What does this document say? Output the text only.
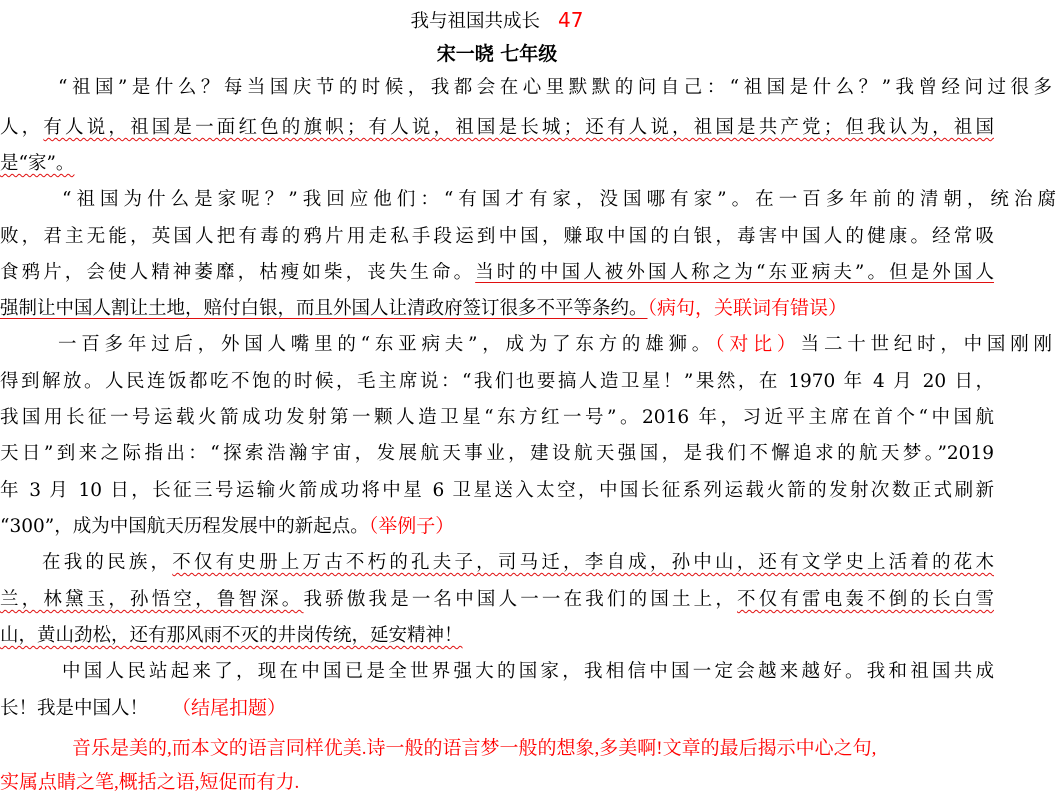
我与祖国共成长 47
宋一晓 七年级
“祖国”是什么？每当国庆节的时候，我都会在心里默默的问自己：“祖国是什么？”我曾经问过很多
人，有人说，祖国是一面红色的旗帜；有人说，祖国是长城；还有人说，祖国是共产党；但我认为，祖国
是“家”。
“祖国为什么是家呢？”我回应他们：“有国才有家，没国哪有家”。在一百多年前的清朝，统治腐
败，君主无能，英国人把有毒的鸦片用走私手段运到中国，赚取中国的白银，毒害中国人的健康。经常吸
食鸦片，会使人精神萎靡，枯瘦如柴，丧失生命。当时的中国人被外国人称之为“东亚病夫”。但是外国人
强制让中国人割让土地，赔付白银，而且外国人让清政府签订很多不平等条约。（病句，关联词有错误）
一百多年过后，外国人嘴里的“东亚病夫”，成为了东方的雄狮。（对比）当二十世纪时，中国刚刚
得到解放。人民连饭都吃不饱的时候，毛主席说：“我们也要搞人造卫星！”果然，在 1970 年 4 月 20 日，
我国用长征一号运载火箭成功发射第一颗人造卫星“东方红一号”。2016 年，习近平主席在首个“中国航
天日”到来之际指出：“探索浩瀚宇宙，发展航天事业，建设航天强国，是我们不懈追求的航天梦。”2019
年 3 月 10 日，长征三号运输火箭成功将中星 6 卫星送入太空，中国长征系列运载火箭的发射次数正式刷新
“300”，成为中国航天历程发展中的新起点。（举例子）
在我的民族，不仅有史册上万古不朽的孔夫子，司马迁，李自成，孙中山，还有文学史上活着的花木
兰，林黛玉，孙悟空，鲁智深。我骄傲我是一名中国人一一在我们的国土上，不仅有雷电轰不倒的长白雪
山，黄山劲松，还有那风雨不灭的井岗传统，延安精神！
中国人民站起来了，现在中国已是全世界强大的国家，我相信中国一定会越来越好。我和祖国共成
长！我是中国人！ （结尾扣题）
音乐是美的,而本文的语言同样优美.诗一般的语言梦一般的想象,多美啊!文章的最后揭示中心之句,
实属点睛之笔,概括之语,短促而有力.
